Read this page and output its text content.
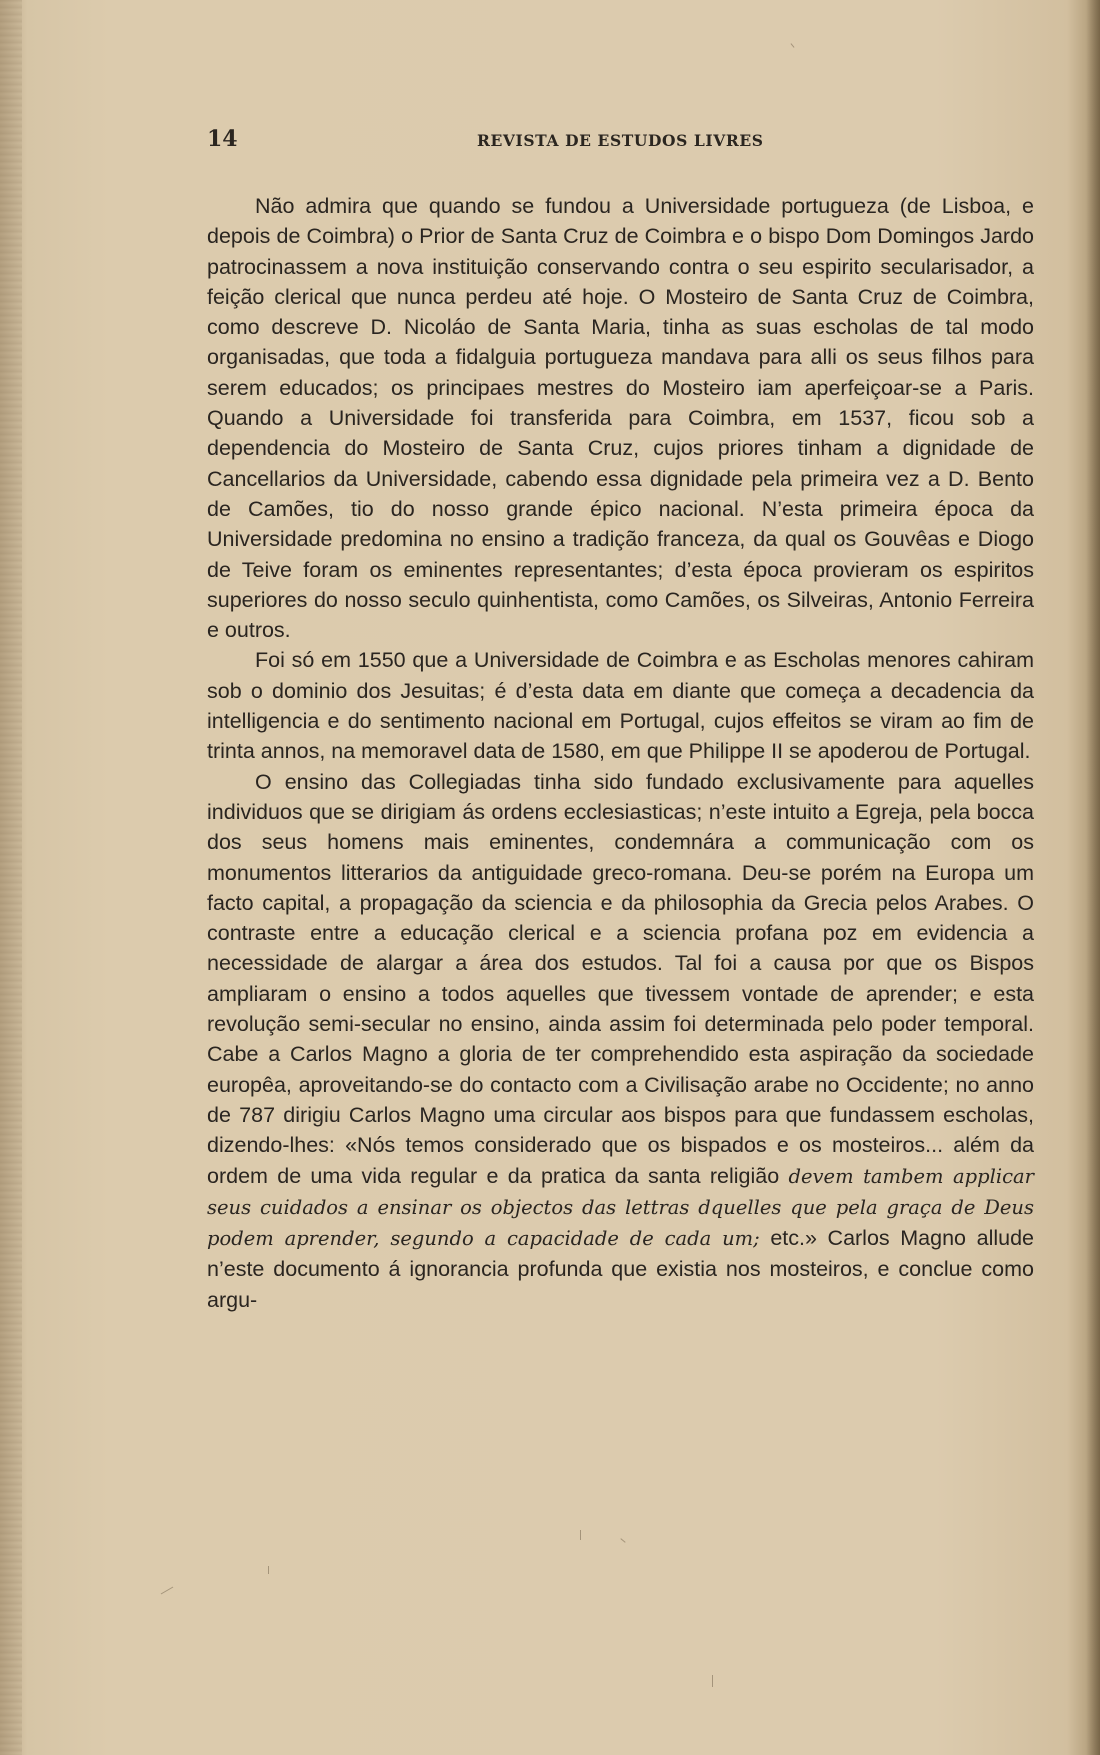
14	REVISTA DE ESTUDOS LIVRES

Não admira que quando se fundou a Universidade portugueza (de Lisboa, e depois de Coimbra) o Prior de Santa Cruz de Coimbra e o bispo Dom Domingos Jardo patrocinassem a nova instituição conservando contra o seu espirito secularisador, a feição clerical que nunca perdeu até hoje. O Mosteiro de Santa Cruz de Coimbra, como descreve D. Nicoláo de Santa Maria, tinha as suas escholas de tal modo organisadas, que toda a fidalguia portugueza mandava para alli os seus filhos para serem educados; os principaes mestres do Mosteiro iam aperfeiçoar-se a Paris. Quando a Universidade foi transferida para Coimbra, em 1537, ficou sob a dependencia do Mosteiro de Santa Cruz, cujos priores tinham a dignidade de Cancellarios da Universidade, cabendo essa dignidade pela primeira vez a D. Bento de Camões, tio do nosso grande épico nacional. N’esta primeira época da Universidade predomina no ensino a tradição franceza, da qual os Gouvêas e Diogo de Teive foram os eminentes representantes; d’esta época provieram os espiritos superiores do nosso seculo quinhentista, como Camões, os Silveiras, Antonio Ferreira e outros.

Foi só em 1550 que a Universidade de Coimbra e as Escholas menores cahiram sob o dominio dos Jesuitas; é d’esta data em diante que começa a decadencia da intelligencia e do sentimento nacional em Portugal, cujos effeitos se viram ao fim de trinta annos, na memoravel data de 1580, em que Philippe II se apoderou de Portugal.

O ensino das Collegiadas tinha sido fundado exclusivamente para aquelles individuos que se dirigiam ás ordens ecclesiasticas; n’este intuito a Egreja, pela bocca dos seus homens mais eminentes, condemnára a communicação com os monumentos litterarios da antiguidade greco-romana. Deu-se porém na Europa um facto capital, a propagação da sciencia e da philosophia da Grecia pelos Arabes. O contraste entre a educação clerical e a sciencia profana poz em evidencia a necessidade de alargar a área dos estudos. Tal foi a causa por que os Bispos ampliaram o ensino a todos aquelles que tivessem vontade de aprender; e esta revolução semi-secular no ensino, ainda assim foi determinada pelo poder temporal. Cabe a Carlos Magno a gloria de ter comprehendido esta aspiração da sociedade europêa, aproveitando-se do contacto com a Civilisação arabe no Occidente; no anno de 787 dirigiu Carlos Magno uma circular aos bispos para que fundassem escholas, dizendo-lhes: «Nós temos considerado que os bispados e os mosteiros... além da ordem de uma vida regular e da pratica da santa religião devem tambem applicar seus cuidados a ensinar os objectos das lettras dquelles que pela graça de Deus podem aprender, segundo a capacidade de cada um; etc.» Carlos Magno allude n’este documento á ignorancia profunda que existia nos mosteiros, e conclue como argu-
